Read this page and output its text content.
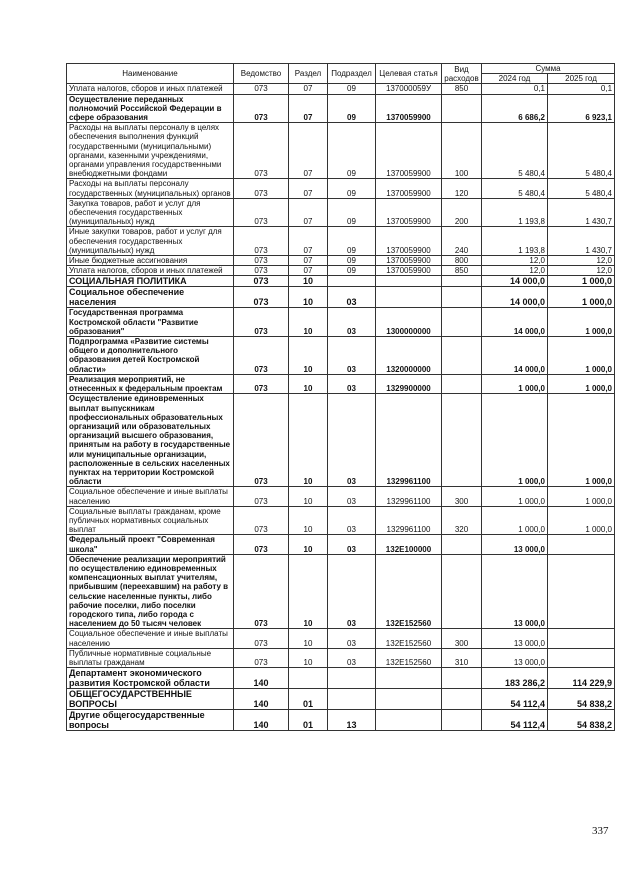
Наименование	Ведомство	Раздел	Подраздел	Целевая статья	Вид расходов	Сумма	
						2024 год	2025 год
Уплата налогов, сборов и иных платежей	073	07	09	137000059У	850	0,1	0,1
Осуществление переданных полномочий Российской Федерации в сфере образования	073	07	09	1370059900		6 686,2	6 923,1
Расходы на выплаты персоналу в целях обеспечения выполнения функций государственными (муниципальными) органами, казенными учреждениями, органами управления государственными внебюджетными фондами	073	07	09	1370059900	100	5 480,4	5 480,4
Расходы на выплаты персоналу государственных (муниципальных) органов	073	07	09	1370059900	120	5 480,4	5 480,4
Закупка товаров, работ и услуг для обеспечения государственных (муниципальных) нужд	073	07	09	1370059900	200	1 193,8	1 430,7
Иные закупки товаров, работ и услуг для обеспечения государственных (муниципальных) нужд	073	07	09	1370059900	240	1 193,8	1 430,7
Иные бюджетные ассигнования	073	07	09	1370059900	800	12,0	12,0
Уплата налогов, сборов и иных платежей	073	07	09	1370059900	850	12,0	12,0
СОЦИАЛЬНАЯ ПОЛИТИКА	073	10				14 000,0	1 000,0
Социальное обеспечение населения	073	10	03			14 000,0	1 000,0
Государственная программа Костромской области "Развитие образования"	073	10	03	1300000000		14 000,0	1 000,0
Подпрограмма «Развитие системы общего и дополнительного образования детей Костромской области»	073	10	03	1320000000		14 000,0	1 000,0
Реализация мероприятий, не отнесенных к федеральным проектам	073	10	03	1329900000		1 000,0	1 000,0
Осуществление единовременных выплат выпускникам профессиональных образовательных организаций или образовательных организаций высшего образования, принятым на работу в государственные или муниципальные организации, расположенные в сельских населенных пунктах на территории Костромской области	073	10	03	1329961100		1 000,0	1 000,0
Социальное обеспечение и иные выплаты населению	073	10	03	1329961100	300	1 000,0	1 000,0
Социальные выплаты гражданам, кроме публичных нормативных социальных выплат	073	10	03	1329961100	320	1 000,0	1 000,0
Федеральный проект "Современная школа"	073	10	03	132E100000		13 000,0	
Обеспечение реализации мероприятий по осуществлению единовременных компенсационных выплат учителям, прибывшим (переехавшим) на работу в сельские населенные пункты, либо рабочие поселки, либо поселки городского типа, либо города с населением до 50 тысяч человек	073	10	03	132E152560		13 000,0	
Социальное обеспечение и иные выплаты населению	073	10	03	132E152560	300	13 000,0	
Публичные нормативные социальные выплаты гражданам	073	10	03	132E152560	310	13 000,0	
Департамент экономического развития Костромской области	140					183 286,2	114 229,9
ОБЩЕГОСУДАРСТВЕННЫЕ ВОПРОСЫ	140	01				54 112,4	54 838,2
Другие общегосударственные вопросы	140	01	13			54 112,4	54 838,2
337
